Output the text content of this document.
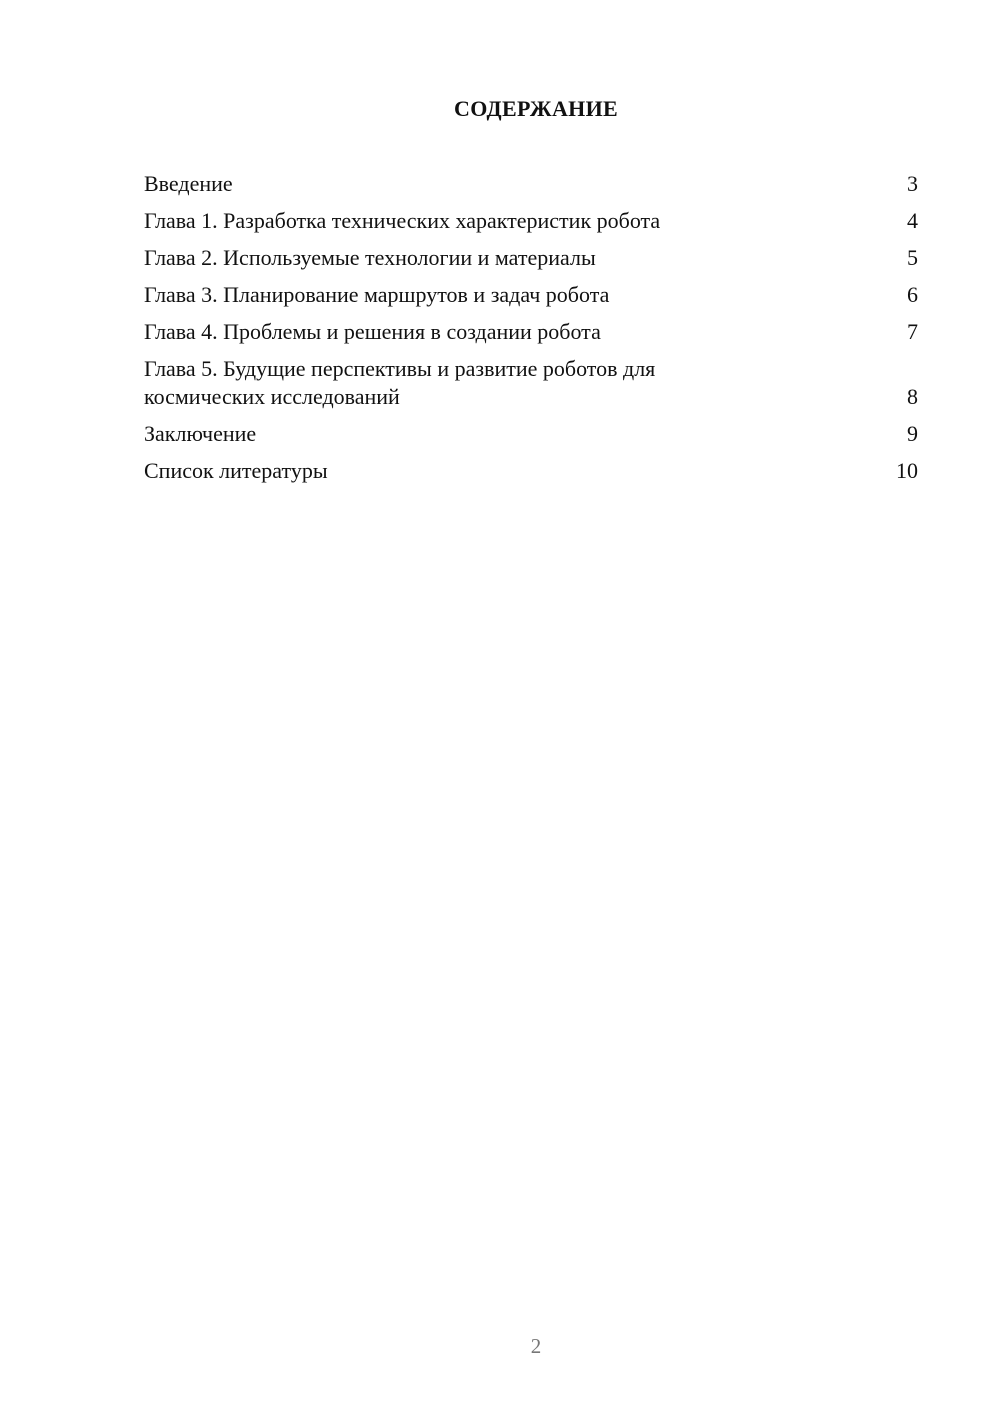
СОДЕРЖАНИЕ
Введение	3
Глава 1. Разработка технических характеристик робота	4
Глава 2. Используемые технологии и материалы	5
Глава 3. Планирование маршрутов и задач робота	6
Глава 4. Проблемы и решения в создании робота	7
Глава 5. Будущие перспективы и развитие роботов для космических исследований	8
Заключение	9
Список литературы	10
2
